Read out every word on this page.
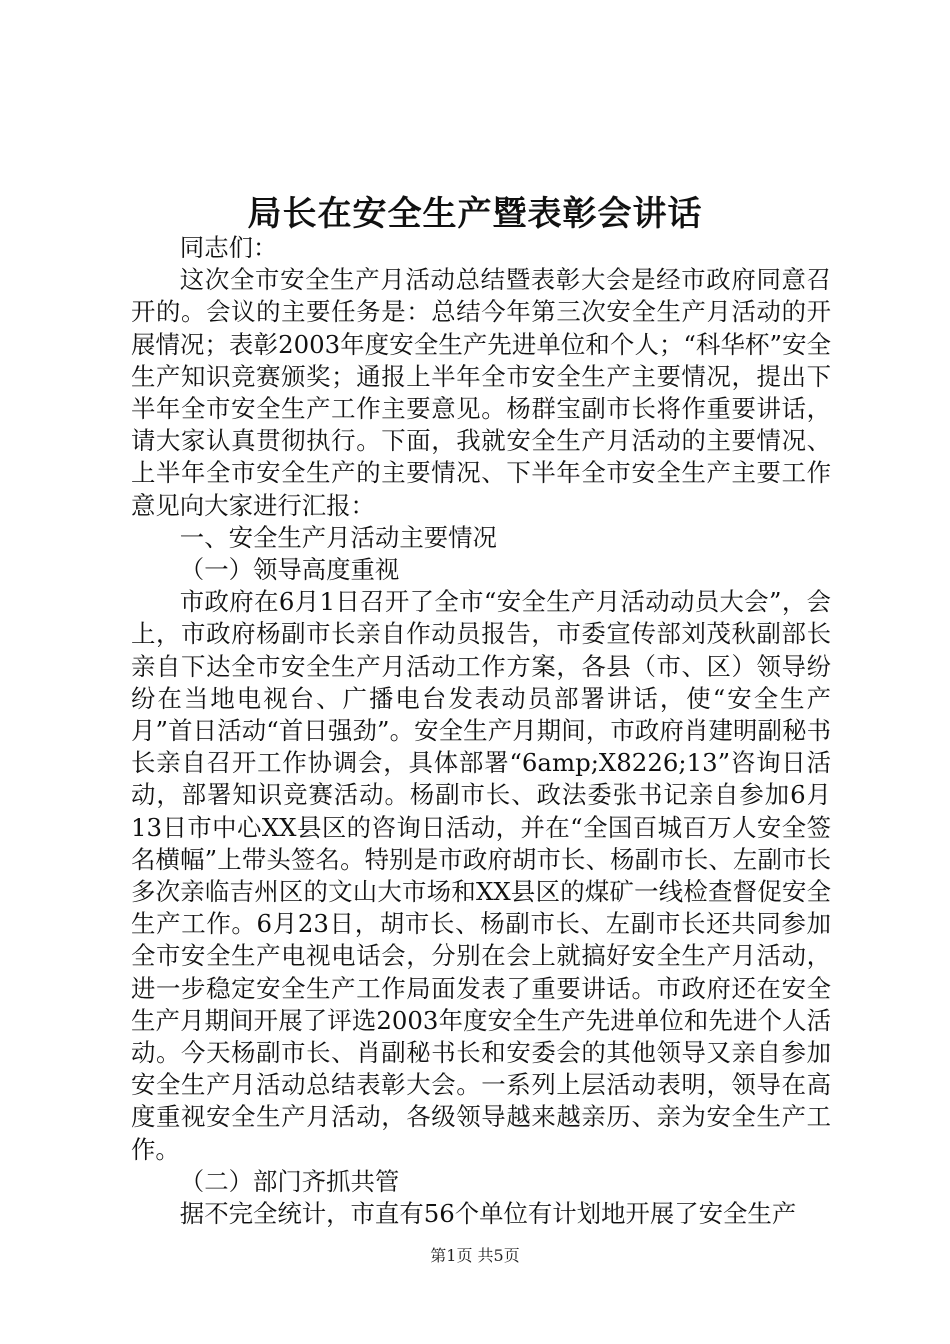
局长在安全生产暨表彰会讲话

同志们：

这次全市安全生产月活动总结暨表彰大会是经市政府同意召开的。会议的主要任务是：总结今年第三次安全生产月活动的开展情况；表彰2003年度安全生产先进单位和个人；“科华杯”安全生产知识竞赛颁奖；通报上半年全市安全生产主要情况，提出下半年全市安全生产工作主要意见。杨群宝副市长将作重要讲话，请大家认真贯彻执行。下面，我就安全生产月活动的主要情况、上半年全市安全生产的主要情况、下半年全市安全生产主要工作意见向大家进行汇报：

一、安全生产月活动主要情况

（一）领导高度重视

市政府在6月1日召开了全市“安全生产月活动动员大会”，会上，市政府杨副市长亲自作动员报告，市委宣传部刘茂秋副部长亲自下达全市安全生产月活动工作方案，各县（市、区）领导纷纷在当地电视台、广播电台发表动员部署讲话，使“安全生产月”首日活动“首日强劲”。安全生产月期间，市政府肖建明副秘书长亲自召开工作协调会，具体部署“6amp;X8226;13”咨询日活动，部署知识竞赛活动。杨副市长、政法委张书记亲自参加6月13日市中心XX县区的咨询日活动，并在“全国百城百万人安全签名横幅”上带头签名。特别是市政府胡市长、杨副市长、左副市长多次亲临吉州区的文山大市场和XX县区的煤矿一线检查督促安全生产工作。6月23日，胡市长、杨副市长、左副市长还共同参加全市安全生产电视电话会，分别在会上就搞好安全生产月活动，进一步稳定安全生产工作局面发表了重要讲话。市政府还在安全生产月期间开展了评选2003年度安全生产先进单位和先进个人活动。今天杨副市长、肖副秘书长和安委会的其他领导又亲自参加安全生产月活动总结表彰大会。一系列上层活动表明，领导在高度重视安全生产月活动，各级领导越来越亲历、亲为安全生产工作。

（二）部门齐抓共管

据不完全统计，市直有56个单位有计划地开展了安全生产

第1页 共5页
